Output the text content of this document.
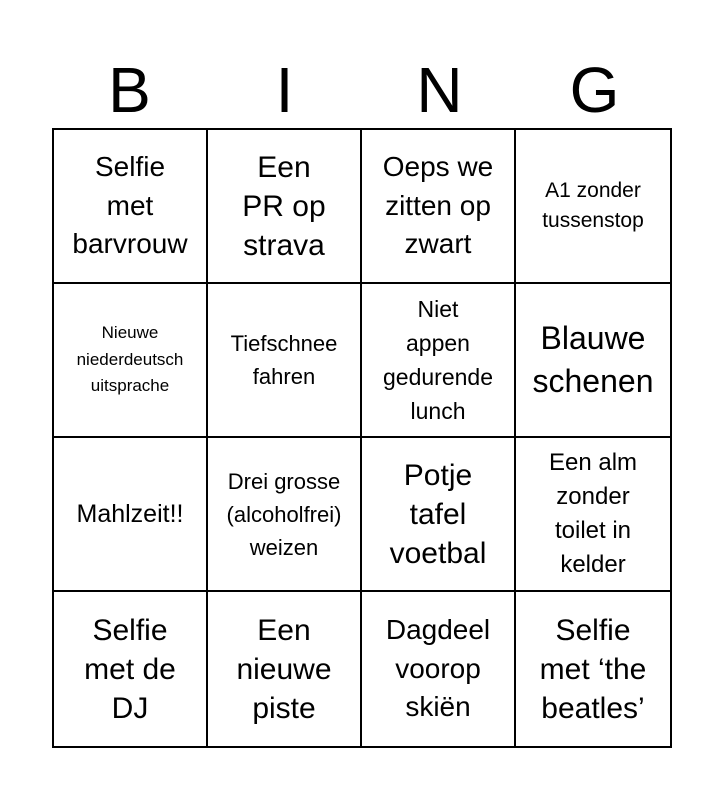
B	I	N	G
Selfie
met
barvrouw
Een
PR op
strava
Oeps we
zitten op
zwart
A1 zonder
tussenstop
Nieuwe
niederdeutsch
uitsprache
Tiefschnee
fahren
Niet
appen
gedurende
lunch
Blauwe
schenen
Mahlzeit!!
Drei grosse
(alcoholfrei)
weizen
Potje
tafel
voetbal
Een alm
zonder
toilet in
kelder
Selfie
met de
DJ
Een
nieuwe
piste
Dagdeel
voorop
skiën
Selfie
met ‘the
beatles’
